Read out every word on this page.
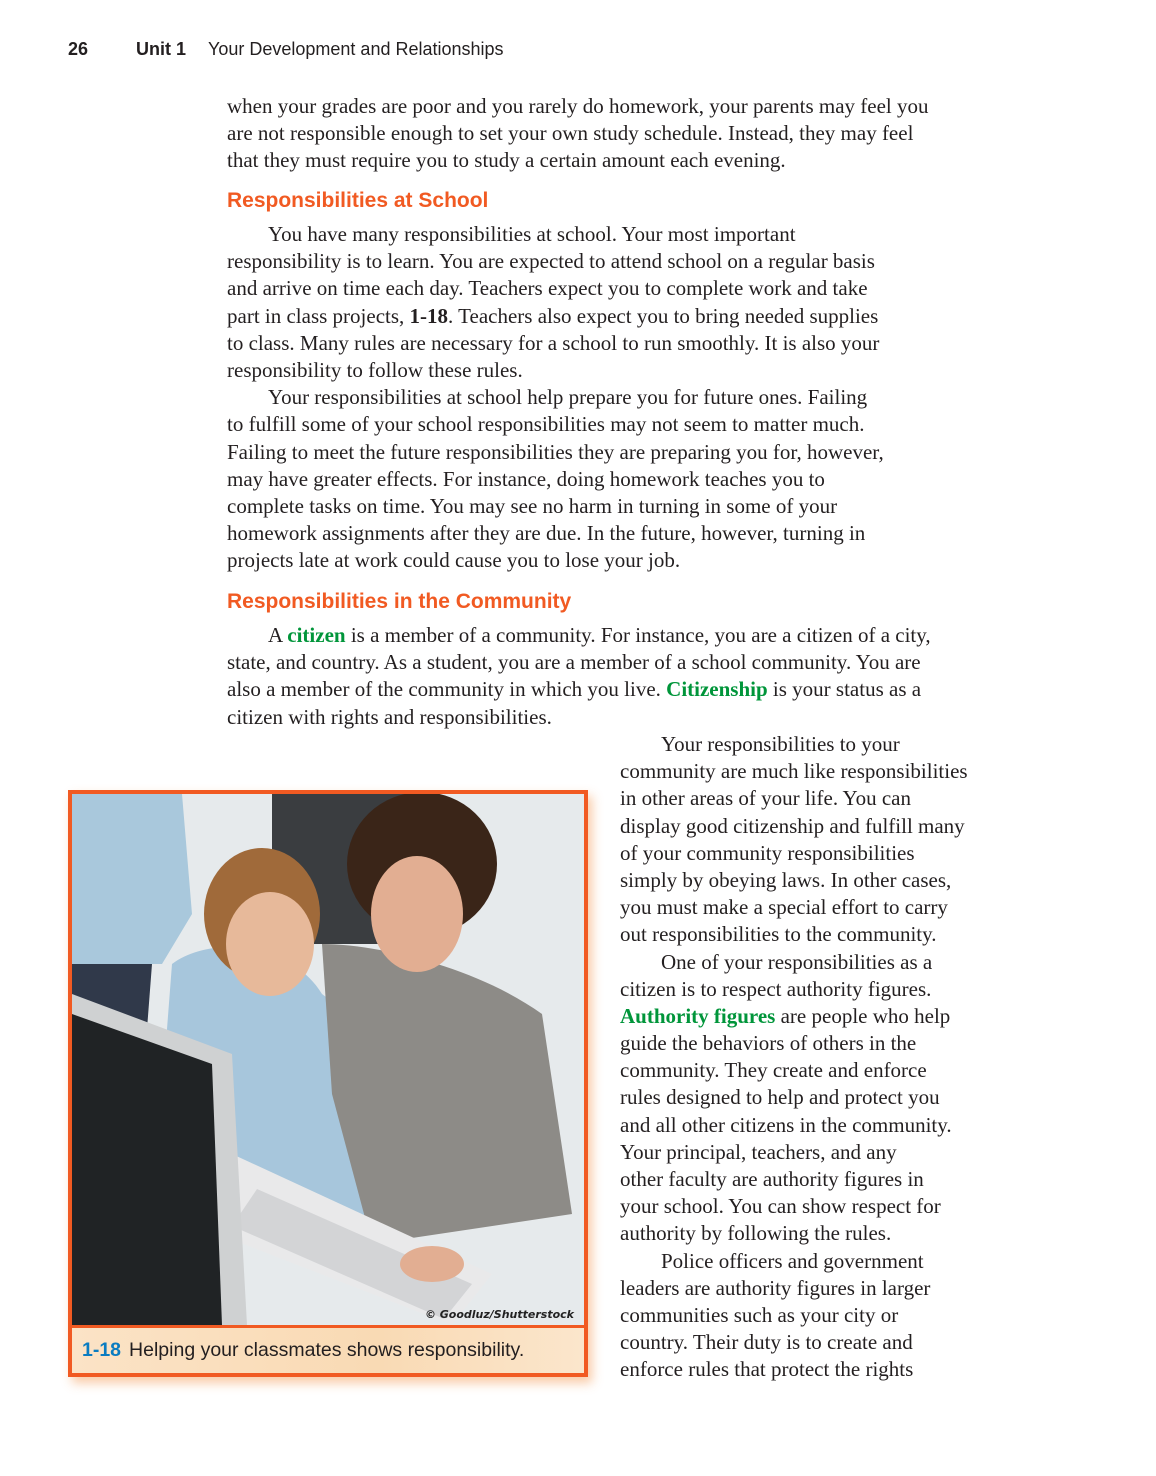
26	Unit 1 Your Development and Relationships
when your grades are poor and you rarely do homework, your parents may feel you
are not responsible enough to set your own study schedule. Instead, they may feel
that they must require you to study a certain amount each evening.
Responsibilities at School
You have many responsibilities at school. Your most important
responsibility is to learn. You are expected to attend school on a regular basis
and arrive on time each day. Teachers expect you to complete work and take
part in class projects, 1-18. Teachers also expect you to bring needed supplies
to class. Many rules are necessary for a school to run smoothly. It is also your
responsibility to follow these rules.
Your responsibilities at school help prepare you for future ones. Failing
to fulfill some of your school responsibilities may not seem to matter much.
Failing to meet the future responsibilities they are preparing you for, however,
may have greater effects. For instance, doing homework teaches you to
complete tasks on time. You may see no harm in turning in some of your
homework assignments after they are due. In the future, however, turning in
projects late at work could cause you to lose your job.
Responsibilities in the Community
A citizen is a member of a community. For instance, you are a citizen of a city,
state, and country. As a student, you are a member of a school community. You are
also a member of the community in which you live. Citizenship is your status as a
citizen with rights and responsibilities.
Your responsibilities to your
community are much like responsibilities
in other areas of your life. You can
display good citizenship and fulfill many
of your community responsibilities
simply by obeying laws. In other cases,
you must make a special effort to carry
out responsibilities to the community.
One of your responsibilities as a
citizen is to respect authority figures.
Authority figures are people who help
guide the behaviors of others in the
community. They create and enforce
rules designed to help and protect you
and all other citizens in the community.
Your principal, teachers, and any
other faculty are authority figures in
your school. You can show respect for
authority by following the rules.
Police officers and government
leaders are authority figures in larger
communities such as your city or
country. Their duty is to create and
enforce rules that protect the rights
© Goodluz/Shutterstock
1-18 Helping your classmates shows responsibility.
